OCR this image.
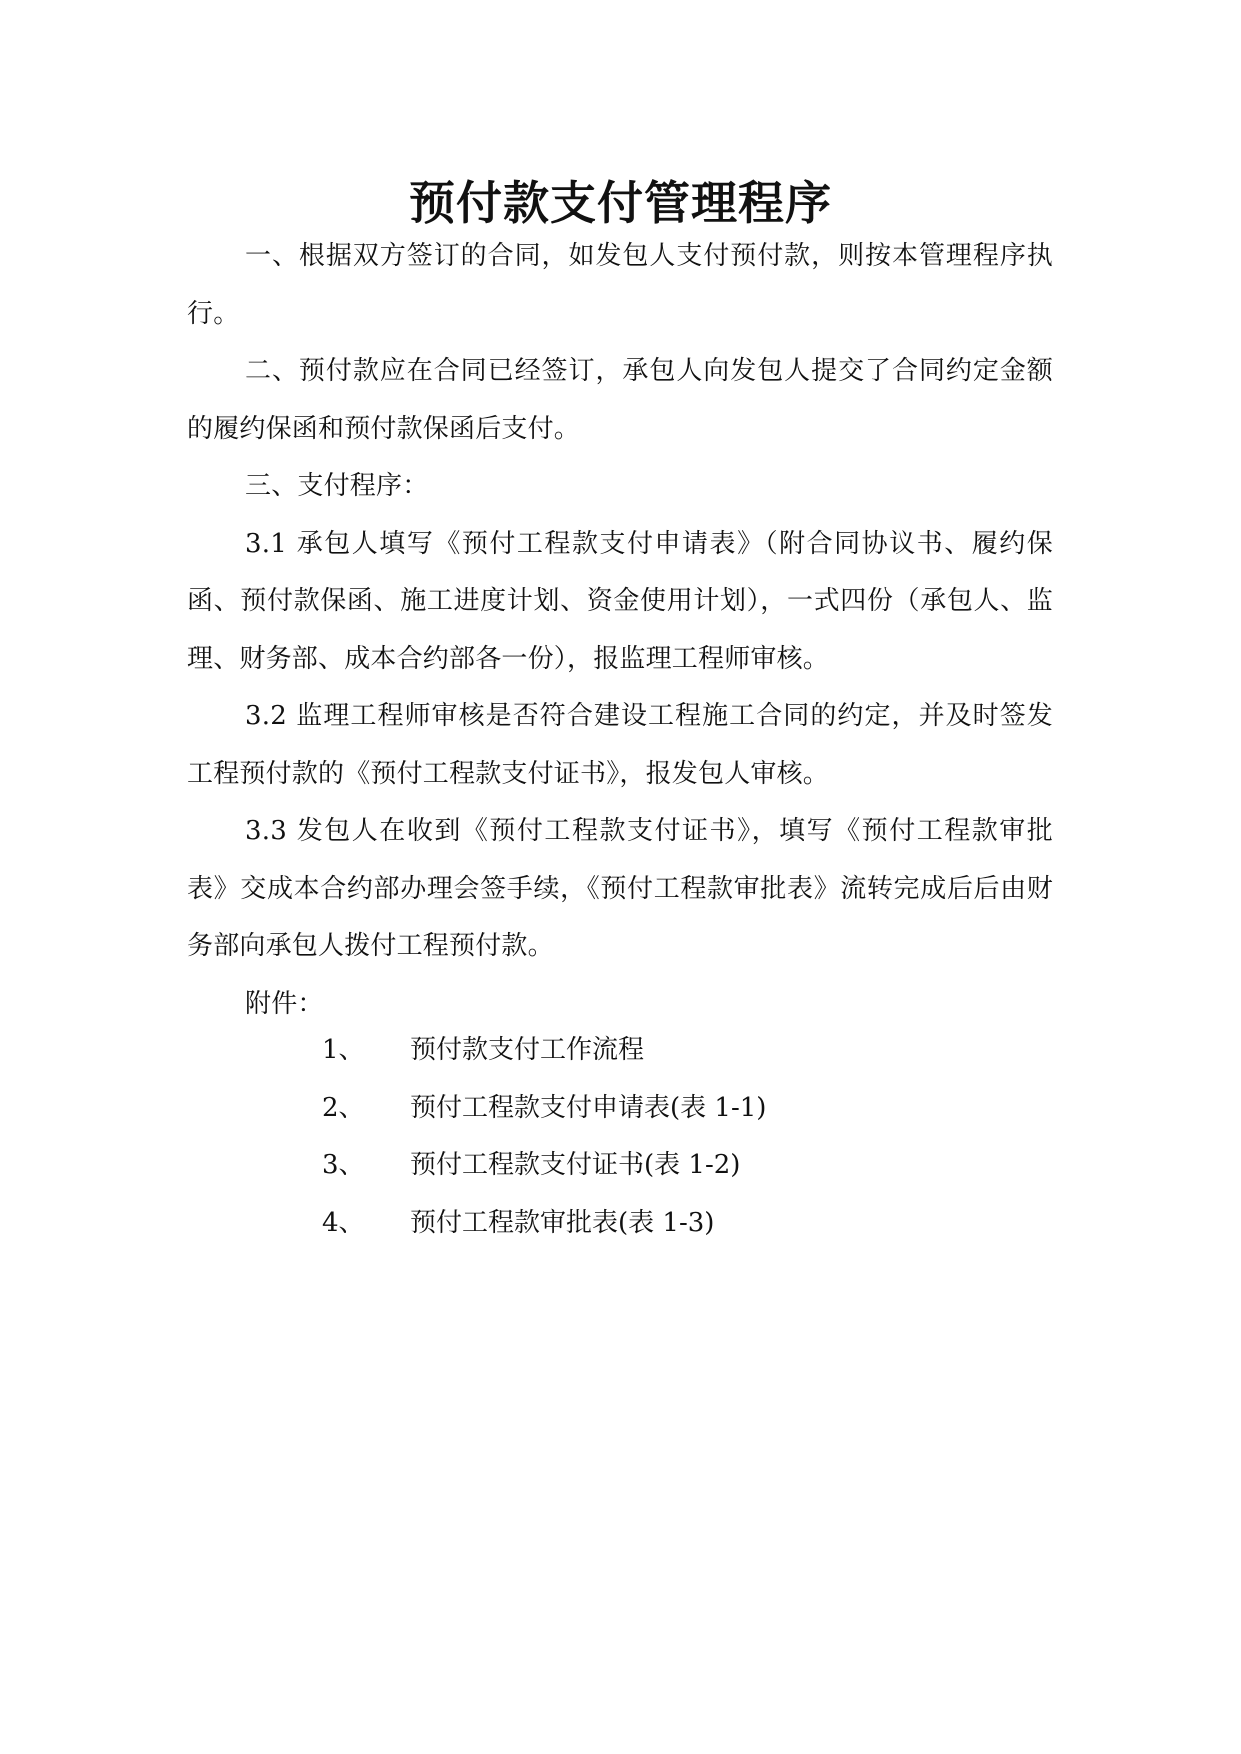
预付款支付管理程序

一、根据双方签订的合同，如发包人支付预付款，则按本管理程序执行。

二、预付款应在合同已经签订，承包人向发包人提交了合同约定金额的履约保函和预付款保函后支付。

三、支付程序：

3.1 承包人填写《预付工程款支付申请表》（附合同协议书、履约保函、预付款保函、施工进度计划、资金使用计划），一式四份（承包人、监理、财务部、成本合约部各一份），报监理工程师审核。

3.2 监理工程师审核是否符合建设工程施工合同的约定，并及时签发工程预付款的《预付工程款支付证书》，报发包人审核。

3.3 发包人在收到《预付工程款支付证书》，填写《预付工程款审批表》交成本合约部办理会签手续，《预付工程款审批表》流转完成后后由财务部向承包人拨付工程预付款。

附件：

1、	预付款支付工作流程
2、	预付工程款支付申请表(表 1-1)
3、	预付工程款支付证书(表 1-2)
4、	预付工程款审批表(表 1-3)
